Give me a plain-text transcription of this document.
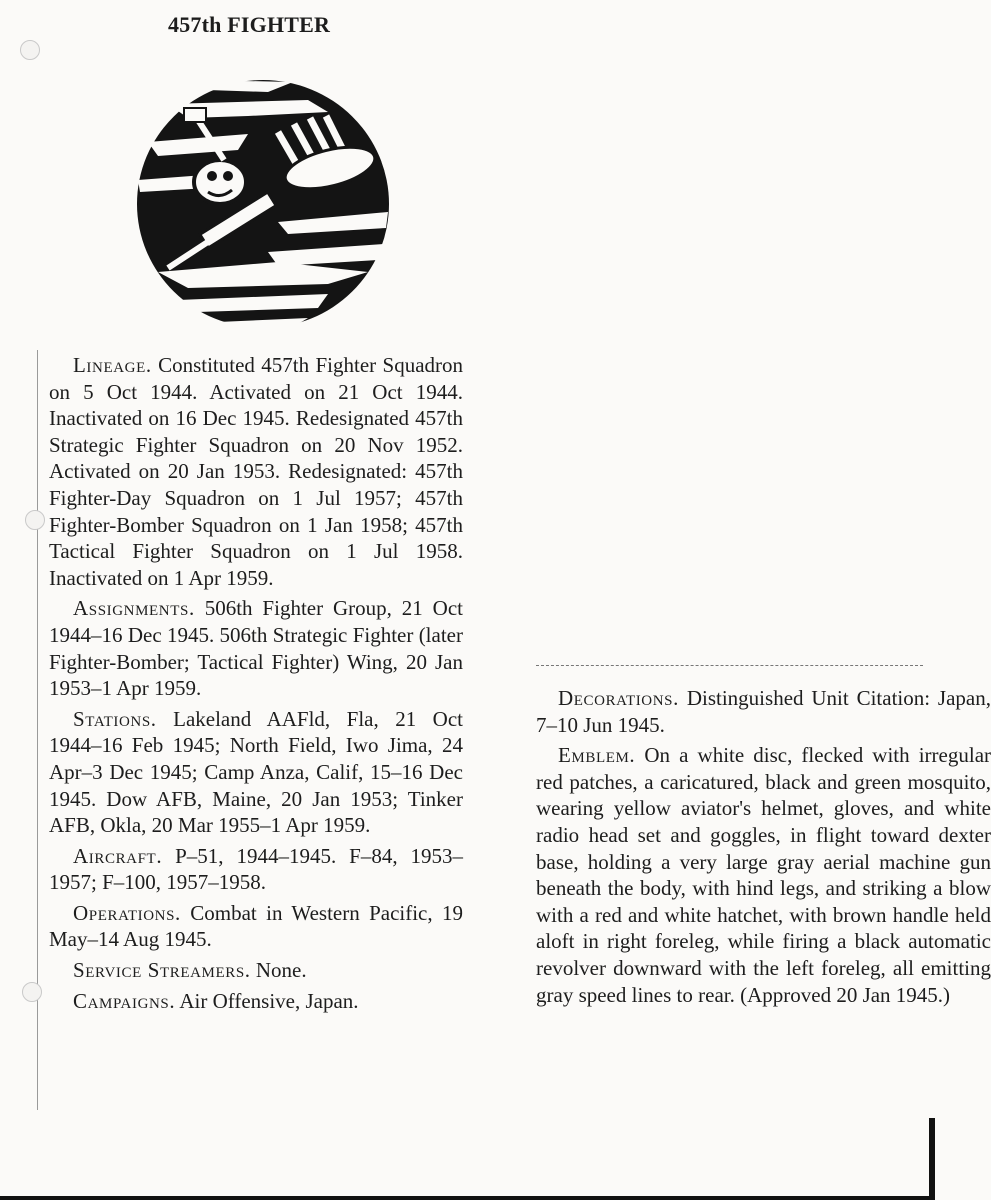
457th FIGHTER

Lineage. Constituted 457th Fighter Squadron on 5 Oct 1944. Activated on 21 Oct 1944. Inactivated on 16 Dec 1945. Redesignated 457th Strategic Fighter Squadron on 20 Nov 1952. Activated on 20 Jan 1953. Redesignated: 457th Fighter-Day Squadron on 1 Jul 1957; 457th Fighter-Bomber Squadron on 1 Jan 1958; 457th Tactical Fighter Squadron on 1 Jul 1958. Inactivated on 1 Apr 1959.

Assignments. 506th Fighter Group, 21 Oct 1944–16 Dec 1945. 506th Strategic Fighter (later Fighter-Bomber; Tactical Fighter) Wing, 20 Jan 1953–1 Apr 1959.

Stations. Lakeland AAFld, Fla, 21 Oct 1944–16 Feb 1945; North Field, Iwo Jima, 24 Apr–3 Dec 1945; Camp Anza, Calif, 15–16 Dec 1945. Dow AFB, Maine, 20 Jan 1953; Tinker AFB, Okla, 20 Mar 1955–1 Apr 1959.

Aircraft. P–51, 1944–1945. F–84, 1953–1957; F–100, 1957–1958.

Operations. Combat in Western Pacific, 19 May–14 Aug 1945.

Service Streamers. None.

Campaigns. Air Offensive, Japan.

Decorations. Distinguished Unit Citation: Japan, 7–10 Jun 1945.

Emblem. On a white disc, flecked with irregular red patches, a caricatured, black and green mosquito, wearing yellow aviator's helmet, gloves, and white radio head set and goggles, in flight toward dexter base, holding a very large gray aerial machine gun beneath the body, with hind legs, and striking a blow with a red and white hatchet, with brown handle held aloft in right foreleg, while firing a black automatic revolver downward with the left foreleg, all emitting gray speed lines to rear. (Approved 20 Jan 1945.)
